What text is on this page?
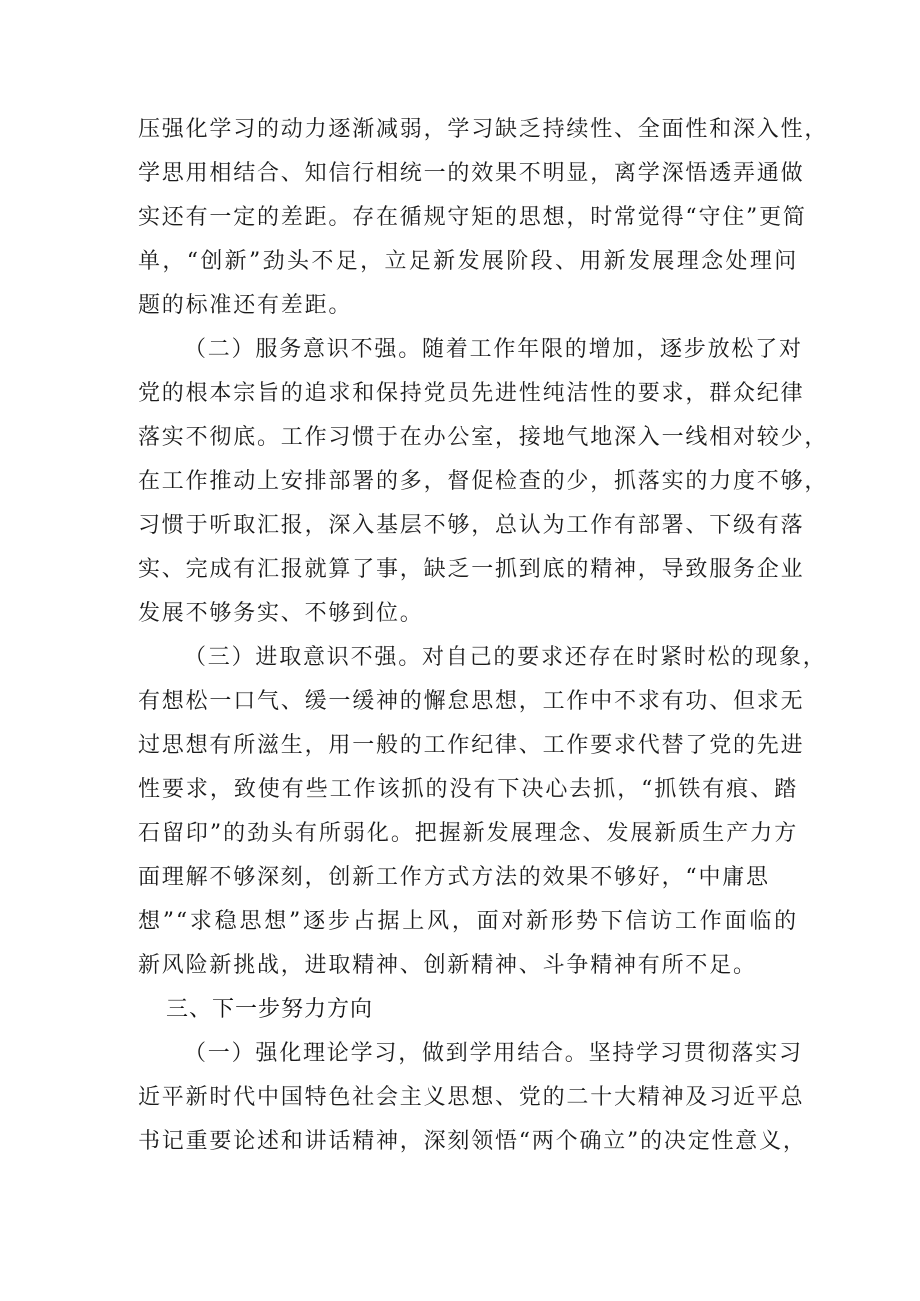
压强化学习的动力逐渐减弱，学习缺乏持续性、全面性和深入性，
学思用相结合、知信行相统一的效果不明显，离学深悟透弄通做
实还有一定的差距。存在循规守矩的思想，时常觉得“守住”更简
单，“创新”劲头不足，立足新发展阶段、用新发展理念处理问
题的标准还有差距。
（二）服务意识不强。随着工作年限的增加，逐步放松了对
党的根本宗旨的追求和保持党员先进性纯洁性的要求，群众纪律
落实不彻底。工作习惯于在办公室，接地气地深入一线相对较少，
在工作推动上安排部署的多，督促检查的少，抓落实的力度不够，
习惯于听取汇报，深入基层不够，总认为工作有部署、下级有落
实、完成有汇报就算了事，缺乏一抓到底的精神，导致服务企业
发展不够务实、不够到位。
（三）进取意识不强。对自己的要求还存在时紧时松的现象，
有想松一口气、缓一缓神的懈怠思想，工作中不求有功、但求无
过思想有所滋生，用一般的工作纪律、工作要求代替了党的先进
性要求，致使有些工作该抓的没有下决心去抓，“抓铁有痕、踏
石留印”的劲头有所弱化。把握新发展理念、发展新质生产力方
面理解不够深刻，创新工作方式方法的效果不够好，“中庸思
想”“求稳思想”逐步占据上风，面对新形势下信访工作面临的
新风险新挑战，进取精神、创新精神、斗争精神有所不足。
三、下一步努力方向
（一）强化理论学习，做到学用结合。坚持学习贯彻落实习
近平新时代中国特色社会主义思想、党的二十大精神及习近平总
书记重要论述和讲话精神，深刻领悟“两个确立”的决定性意义，
